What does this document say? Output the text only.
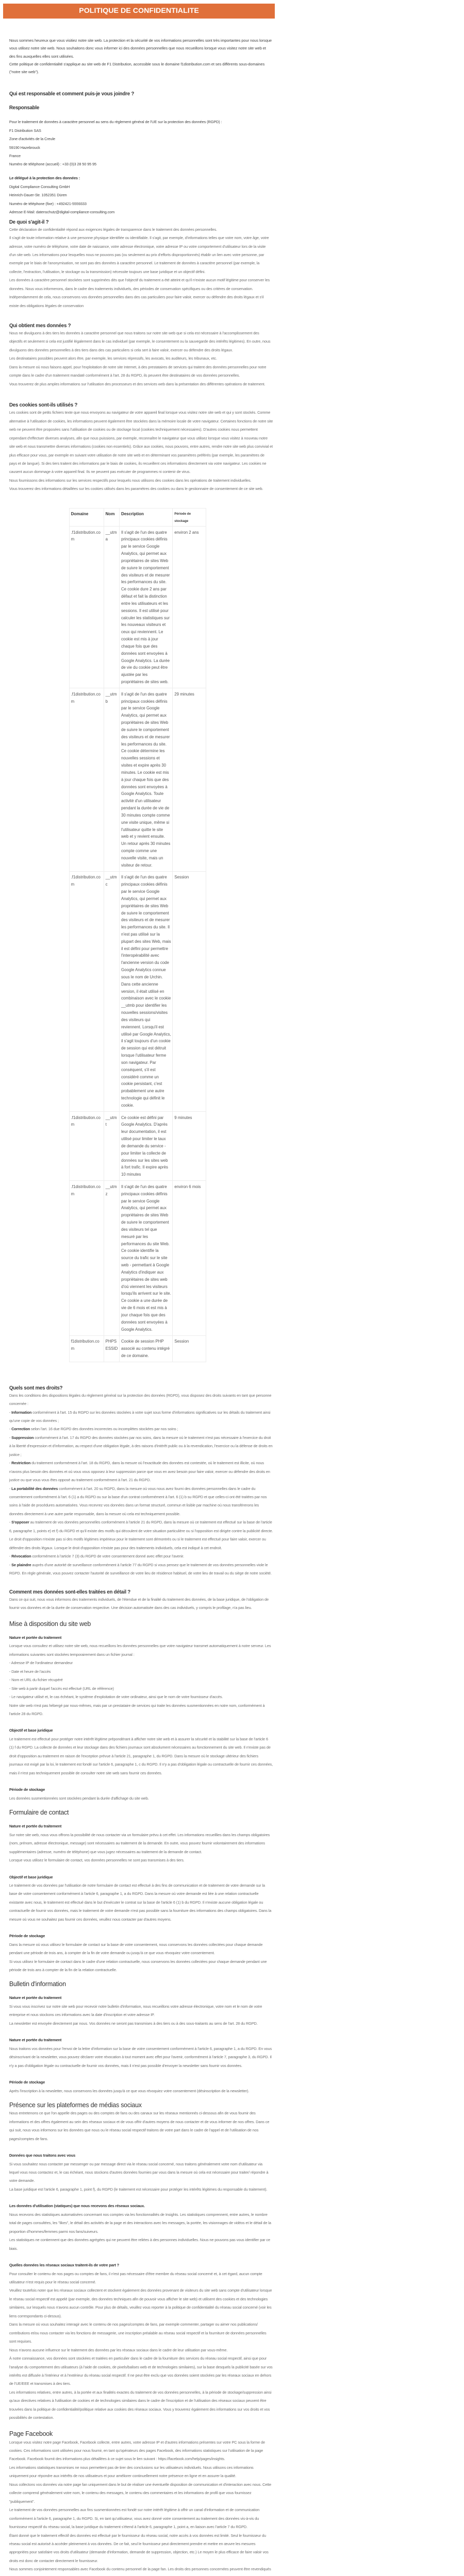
POLITIQUE DE CONFIDENTIALITE

Nous sommes heureux que vous visitiez notre site web. La protection et la sécurité de vos informations personnelles sont très importantes pour nous lorsque vous utilisez notre site web. Nous souhaitons donc vous informer ici des données personnelles que nous recueillons lorsque vous visitez notre site web et des fins auxquelles elles sont utilisées.

Cette politique de confidentialité s'applique au site web de F1 Distribution, accessible sous le domaine f1distribution.com et ses différents sous-domaines ("notre site web").

Qui est responsable et comment puis-je vous joindre ?
Responsable

Pour le traitement de données à caractère personnel au sens du règlement général de l'UE sur la protection des données (RGPD) :

F1 Distribution SAS

Zone d'activités de la Creule

59190 Hazebrouck

France

Numéro de téléphone (accueil) : +33 (0)3 28 50 95 95

Le délégué à la protection des données :

Digital Compliance Consulting GmbH

Heinrich-Dauer-Str. 1052351 Düren

Numéro de téléphone (fixe) : +492421-5559333

Adresse E-Mail: datenschutz@digital-compliance-consulting.com

De quoi s'agit-il ?

Cette déclaration de confidentialité répond aux exigences légales de transparence dans le traitement des données personnelles.

Il s'agit de toute information relative à une personne physique identifiée ou identifiable. Il s'agit, par exemple, d'informations telles que votre nom, votre âge, votre adresse, votre numéro de téléphone, votre date de naissance, votre adresse électronique, votre adresse IP ou votre comportement d'utilisateur lors de la visite d'un site web. Les informations pour lesquelles nous ne pouvons pas (ou seulement au prix d'efforts disproportionnés) établir un lien avec votre personne, par exemple par le biais de l'anonymisation, ne sont pas des données à caractère personnel. Le traitement de données à caractère personnel (par exemple, la collecte, l'extraction, l'utilisation, le stockage ou la transmission) nécessite toujours une base juridique et un objectif défini.

Les données à caractère personnel stockées sont supprimées dès que l'objectif du traitement a été atteint et qu'il n'existe aucun motif légitime pour conserver les données. Nous vous informerons, dans le cadre des traitements individuels, des périodes de conservation spécifiques ou des critères de conservation. Indépendamment de cela, nous conservons vos données personnelles dans des cas particuliers pour faire valoir, exercer ou défendre des droits légaux et s'il existe des obligations légales de conservation

Qui obtient mes données ?

Nous ne divulguons à des tiers les données à caractère personnel que nous traitons sur notre site web que si cela est nécessaire à l'accomplissement des objectifs et seulement si cela est justifié légalement dans le cas individuel (par exemple, le consentement ou la sauvegarde des intérêts légitimes). En outre, nous divulguons des données personnelles à des tiers dans des cas particuliers si cela sert à faire valoir, exercer ou défendre des droits légaux.

Les destinataires possibles peuvent alors être, par exemple, les services répressifs, les avocats, les auditeurs, les tribunaux, etc.

Dans la mesure où nous faisons appel, pour l'exploitation de notre site Internet, à des prestataires de services qui traitent des données personnelles pour notre compte dans le cadre d'un traitement mandaté conformément à l'art. 28 du RGPD, ils peuvent être destinataires de vos données personnelles.

Vous trouverez de plus amples informations sur l'utilisation des processeurs et des services web dans la présentation des différentes opérations de traitement.

Des cookies sont-ils utilisés ?

Les cookies sont de petits fichiers texte que nous envoyons au navigateur de votre appareil final lorsque vous visitez notre site web et qui y sont stockés. Comme alternative à l'utilisation de cookies, les informations peuvent également être stockées dans la mémoire locale de votre navigateur. Certaines fonctions de notre site web ne peuvent être proposées sans l'utilisation de cookies ou de stockage local (cookies techniquement nécessaires). D'autres cookies nous permettent cependant d'effectuer diverses analyses, afin que nous puissions, par exemple, reconnaître le navigateur que vous utilisez lorsque vous visitez à nouveau notre site web et nous transmettre diverses informations (cookies non essentiels). Grâce aux cookies, nous pouvons, entre autres, rendre notre site web plus convivial et plus efficace pour vous, par exemple en suivant votre utilisation de notre site web et en déterminant vos paramètres préférés (par exemple, les paramètres de pays et de langue). Si des tiers traitent des informations par le biais de cookies, ils recueillent ces informations directement via votre navigateur. Les cookies ne causent aucun dommage à votre appareil final. Ils ne peuvent pas exécuter de programmes ni contenir de virus.

Nous fournissons des informations sur les services respectifs pour lesquels nous utilisons des cookies dans les opérations de traitement individuelles.

Vous trouverez des informations détaillées sur les cookies utilisés dans les paramètres des cookies ou dans le gestionnaire de consentement de ce site web.

Domaine	Nom	Description	Période de stockage
.f1distribution.com	__utma	Il s'agit de l'un des quatre principaux cookies définis par le service Google Analytics, qui permet aux propriétaires de sites Web de suivre le comportement des visiteurs et de mesurer les performances du site. Ce cookie dure 2 ans par défaut et fait la distinction entre les utilisateurs et les sessions. Il est utilisé pour calculer les statistiques sur les nouveaux visiteurs et ceux qui reviennent. Le cookie est mis à jour chaque fois que des données sont envoyées à Google Analytics. La durée de vie du cookie peut être ajustée par les propriétaires de sites web.	environ 2 ans
.f1distribution.com	__utmb	Il s'agit de l'un des quatre principaux cookies définis par le service Google Analytics, qui permet aux propriétaires de sites Web de suivre le comportement des visiteurs et de mesurer les performances du site. Ce cookie détermine les nouvelles sessions et visites et expire après 30 minutes. Le cookie est mis à jour chaque fois que des données sont envoyées à Google Analytics. Toute activité d'un utilisateur pendant la durée de vie de 30 minutes compte comme une visite unique, même si l'utilisateur quitte le site web et y revient ensuite. Un retour après 30 minutes compte comme une nouvelle visite, mais un visiteur de retour.	29 minutes
.f1distribution.com	__utmc	Il s'agit de l'un des quatre principaux cookies définis par le service Google Analytics, qui permet aux propriétaires de sites Web de suivre le comportement des visiteurs et de mesurer les performances du site. Il n'est pas utilisé sur la plupart des sites Web, mais il est défini pour permettre l'interopérabilité avec l'ancienne version du code Google Analytics connue sous le nom de Urchin. Dans cette ancienne version, il était utilisé en combinaison avec le cookie __utmb pour identifier les nouvelles sessions/visites des visiteurs qui reviennent. Lorsqu'il est utilisé par Google Analytics, il s'agit toujours d'un cookie de session qui est détruit lorsque l'utilisateur ferme son navigateur. Par conséquent, s'il est considéré comme un cookie persistant, c'est probablement une autre technologie qui définit le cookie.	Session
.f1distribution.com	__utmt	Ce cookie est défini par Google Analytics. D'après leur documentation, il est utilisé pour limiter le taux de demande du service - pour limiter la collecte de données sur les sites web à fort trafic. Il expire après 10 minutes	9 minutes
.f1distribution.com	__utmz	Il s'agit de l'un des quatre principaux cookies définis par le service Google Analytics, qui permet aux propriétaires de sites Web de suivre le comportement des visiteurs tel que mesuré par les performances du site Web. Ce cookie identifie la source du trafic sur le site web - permettant à Google Analytics d'indiquer aux propriétaires de sites web d'où viennent les visiteurs lorsqu'ils arrivent sur le site. Ce cookie a une durée de vie de 6 mois et est mis à jour chaque fois que des données sont envoyées à Google Analytics.	environ 6 mois
f1distribution.com	PHPSESSID	Cookie de session PHP associé au contenu intégré de ce domaine.	Session

Quels sont mes droits?

Dans les conditions des dispositions légales du règlement général sur la protection des données (RGPD), vous disposez des droits suivants en tant que personne concernée :

- Information conformément à l'art. 15 du RGPD sur les données stockées à votre sujet sous forme d'informations significatives sur les détails du traitement ainsi qu'une copie de vos données ;

- Correction selon l'art. 16 due RGPD des données incorrectes ou incomplètes stockées par nos soins ;

- Suppression conformément à l'art. 17 du RGPD des données stockées par nos soins, dans la mesure où le traitement n'est pas nécessaire à l'exercice du droit à la liberté d'expression et d'information, au respect d'une obligation légale, à des raisons d'intérêt public ou à la revendication, l'exercice ou la défense de droits en justice ;

- Restriction du traitement conformément à l'art. 18 du RGPD, dans la mesure où l'exactitude des données est contestée, où le traitement est illicite, où nous n'avons plus besoin des données et où vous vous opposez à leur suppression parce que vous en avez besoin pour faire valoir, exercer ou défendre des droits en justice ou que vous vous êtes opposé au traitement conformément à l'art. 21 du RGPD.

- La portabilité des données conformément à l'art. 20 su RGPD, dans la mesure où vous nous avez fourni des données personnelles dans le cadre du consentement conformément à l'art. 6 (1) a du RGPD ou sur la base d'un contrat conformément à l'art. 6 (1) b su RGPD et que celles-ci ont été traitées par nos soins à l'aide de procédures automatisées. Vous recevrez vos données dans un format structuré, commun et lisible par machine où nous transférerons les données directement à une autre partie responsable, dans la mesure où cela est techniquement possible.

- S'opposer au traitement de vos données personnelles conformément à l'article 21 du RGPD, dans la mesure où ce traitement est effectué sur la base de l'article 6, paragraphe 1, points e) et f) du RGPD et qu'il existe des motifs qui découlent de votre situation particulière ou si l'opposition est dirigée contre la publicité directe. Le droit d'opposition n'existe pas si des motifs légitimes impérieux pour le traitement sont démontrés ou si le traitement est effectué pour faire valoir, exercer ou défendre des droits légaux. Lorsque le droit d'opposition n'existe pas pour des traitements individuels, cela est indiqué à cet endroit.

- Révocation conformément à l'article 7 (3) du RGPD de votre consentement donné avec effet pour l'avenir.

- Se plaindre auprès d'une autorité de surveillance conformément à l'article 77 du RGPD si vous pensez que le traitement de vos données personnelles viole le RGPD. En règle générale, vous pouvez contacter l'autorité de surveillance de votre lieu de résidence habituel, de votre lieu de travail ou du siège de notre société.

Comment mes données sont-elles traitées en détail ?

Dans ce qui suit, nous vous informons des traitements individuels, de l'étendue et de la finalité du traitement des données, de la base juridique, de l'obligation de fournir vos données et de la durée de conservation respective. Une décision automatisée dans des cas individuels, y compris le profilage, n'a pas lieu.

Mise à disposition du site web

Nature et portée du traitement

Lorsque vous consultez et utilisez notre site web, nous recueillons les données personnelles que votre navigateur transmet automatiquement à notre serveur. Les informations suivantes sont stockées temporairement dans un fichier journal :

- Adresse IP de l'ordinateur demandeur

- Date et heure de l'accès

- Nom et URL du fichier récupéré

- Site web à partir duquel l'accès est effectué (URL de référence)

- Le navigateur utilisé et, le cas échéant, le système d'exploitation de votre ordinateur, ainsi que le nom de votre fournisseur d'accès.

Notre site web n'est pas hébergé par nous-mêmes, mais par un prestataire de services qui traite les données susmentionnées en notre nom, conformément à l'article 28 du RGPD.

Objectif et base juridique

Le traitement est effectué pour protéger notre intérêt légitime prépondérant à afficher notre site web et à assurer la sécurité et la stabilité sur la base de l'article 6 (1) f du RGPD. La collecte de données et leur stockage dans des fichiers journaux sont absolument nécessaires au fonctionnement du site web. Il n'existe pas de droit d'opposition au traitement en raison de l'exception prévue à l'article 21, paragraphe 1, du RGPD. Dans la mesure où le stockage ultérieur des fichiers journaux est exigé par la loi, le traitement est fondé sur l'article 6, paragraphe 1, c du RGPD. Il n'y a pas d'obligation légale ou contractuelle de fournir ces données, mais il n'est pas techniquement possible de consulter notre site web sans fournir ces données.

Période de stockage

Les données susmentionnées sont stockées pendant la durée d'affichage du site web.

Formulaire de contact

Nature et portée du traitement

Sur notre site web, nous vous offrons la possibilité de nous contacter via un formulaire prévu à cet effet. Les informations recueillies dans les champs obligatoires (nom, prénom, adresse électronique, message) sont nécessaires au traitement de la demande. En outre, vous pouvez fournir volontairement des informations supplémentaires (adresse, numéro de téléphone) que vous jugez nécessaires au traitement de la demande de contact.

Lorsque vous utilisez le formulaire de contact, vos données personnelles ne sont pas transmises à des tiers.

Objectif et base juridique

Le traitement de vos données par l'utilisation de notre formulaire de contact est effectué à des fins de communication et de traitement de votre demande sur la base de votre consentement conformément à l'article 6, paragraphe 1, a du RGPD. Dans la mesure où votre demande est liée à une relation contractuelle existante avec nous, le traitement est effectué dans le but d'exécuter le contrat sur la base de l'article 6 (1) b du RGPD. Il n'existe aucune obligation légale ou contractuelle de fournir vos données, mais le traitement de votre demande n'est pas possible sans la fourniture des informations des champs obligatoires. Dans la mesure où vous ne souhaitez pas fournir ces données, veuillez nous contacter par d'autres moyens.

Période de stockage

Dans la mesure où vous utilisez le formulaire de contact sur la base de votre consentement, nous conservons les données collectées pour chaque demande pendant une période de trois ans, à compter de la fin de votre demande ou jusqu'à ce que vous révoquiez votre consentement.

Si vous utilisez le formulaire de contact dans le cadre d'une relation contractuelle, nous conservons les données collectées pour chaque demande pendant une période de trois ans à compter de la fin de la relation contractuelle.

Bulletin d'information

Nature et portée du traitement

Si vous vous inscrivez sur notre site web pour recevoir notre bulletin d'information, nous recueillons votre adresse électronique, votre nom et le nom de votre entreprise et nous stockons ces informations avec la date d'inscription et votre adresse IP.

La newsletter est envoyée directement par nous. Vos données ne seront pas transmises à des tiers ou à des sous-traitants au sens de l'art. 28 du RGPD.

Nature et portée du traitement

Nous traitons vos données pour l'envoi de la lettre d'information sur la base de votre consentement conformément à l'article 6, paragraphe 1, a du RGPD. En vous désinscrivant de la newsletter, vous pouvez déclarer votre révocation à tout moment avec effet pour l'avenir, conformément à l'article 7, paragraphe 3, du RGPD. Il n'y a pas d'obligation légale ou contractuelle de fournir vos données, mais il n'est pas possible d'envoyer la newsletter sans fournir vos données.

Période de stockage

Après l'inscription à la newsletter, nous conservons les données jusqu'à ce que vous révoquiez votre consentement (désinscription de la newsletter).

Présence sur les plateformes de médias sociaux

Nous entretenons ce que l'on appelle des pages ou des comptes de fans ou des canaux sur les réseaux mentionnés ci-dessous afin de vous fournir des informations et des offres également au sein des réseaux sociaux et de vous offrir d'autres moyens de nous contacter et de vous informer de nos offres. Dans ce qui suit, nous vous informons sur les données que nous ou le réseau social respectif traitons de votre part dans le cadre de l'appel et de l'utilisation de nos pages/comptes de fans.

Données que nous traitons avec vous

Si vous souhaitez nous contacter par messenger ou par message direct via le réseau social concerné, nous traitons généralement votre nom d'utilisateur via lequel vous nous contactez et, le cas échéant, nous stockons d'autres données fournies par vous dans la mesure où cela est nécessaire pour traiter/ répondre à votre demande.

La base juridique est l'article 6, paragraphe 1, point f), du RGPD (le traitement est nécessaire pour protéger les intérêts légitimes du responsable du traitement).

Les données d'utilisation (statiques) que nous recevons des réseaux sociaux.

Nous recevons des statistiques automatisées concernant nos comptes via les fonctionnalités de Insights. Les statistiques comprennent, entre autres, le nombre total de pages consultées, les "likes", le détail des activités de la page et des interactions avec les messages, la portée, les visionnages de vidéos et le détail de la proportion d'hommes/femmes parmi nos fans/suiveurs.

Les statistiques ne contiennent que des données agrégées qui ne peuvent être reliées à des personnes individuelles. Nous ne pouvons pas vous identifier par ce biais.

Quelles données les réseaux sociaux traitent-ils de votre part ?

Pour consulter le contenu de nos pages ou comptes de fans, il n'est pas nécessaire d'être membre du réseau social concerné et, à cet égard, aucun compte utilisateur n'est requis pour le réseau social concerné.

Veuillez toutefois noter que les réseaux sociaux collectent et stockent également des données provenant de visiteurs du site web sans compte d'utilisateur lorsque le réseau social respectif est appelé (par exemple, des données techniques afin de pouvoir vous afficher le site web) et utilisent des cookies et des technologies similaires, sur lesquels nous n'avons aucun contrôle. Pour plus de détails, veuillez vous reporter à la politique de confidentialité du réseau social concerné (voir les liens correspondants ci-dessus).

Dans la mesure où vous souhaitez interagir avec le contenu de nos pages/comptes de fans, par exemple commenter, partager ou aimer nos publications/ contributions et/ou nous contacter via les fonctions de messagerie, une inscription préalable au réseau social respectif et la fourniture de données personnelles sont requises.

Nous n'avons aucune influence sur le traitement des données par les réseaux sociaux dans le cadre de leur utilisation par vous-même.

À notre connaissance, vos données sont stockées et traitées en particulier dans le cadre de la fourniture des services du réseau social respectif, ainsi que pour l'analyse du comportement des utilisateurs (à l'aide de cookies, de pixels/balises web et de technologies similaires), sur la base desquels la publicité basée sur vos intérêts est diffusée à l'intérieur et à l'extérieur du réseau social respectif. Il ne peut être exclu que vos données soient stockées par les réseaux sociaux en dehors de l'UE/EEE et transmises à des tiers.

Les informations relatives, entre autres, à la portée et aux finalités exactes du traitement de vos données personnelles, à la période de stockage/suppression ainsi qu'aux directives relatives à l'utilisation de cookies et de technologies similaires dans le cadre de l'inscription et de l'utilisation des réseaux sociaux peuvent être trouvées dans la politique de confidentialité/politique relative aux cookies des réseaux sociaux. Vous y trouverez également des informations sur vos droits et vos possibilités de contestation.

Page Facebook

Lorsque vous visitez notre page Facebook, Facebook collecte, entre autres, votre adresse IP et d'autres informations présentes sur votre PC sous la forme de cookies. Ces informations sont utilisées pour nous fournir, en tant qu'opérateurs des pages Facebook, des informations statistiques sur l'utilisation de la page Facebook. Facebook fournit des informations plus détaillées à ce sujet sous le lien suivant : https://facebook.com/help/pages/insights.

Les informations statistiques transmises ne nous permettent pas de tirer des conclusions sur les utilisateurs individuels. Nous utilisons ces informations uniquement pour répondre aux intérêts de nos utilisateurs et pour améliorer continuellement notre présence en ligne et en assurer la qualité.

Nous collectons vos données via notre page fan uniquement dans le but de réaliser une éventuelle disposition de communication et d'interaction avec nous. Cette collecte comprend généralement votre nom, le contenu des messages, le contenu des commentaires et les informations de profil que vous fournissez "publiquement".

Le traitement de vos données personnelles aux fins susmentionnées est fondé sur notre intérêt légitime à offrir un canal d'information et de communication conformément à l'article 6, paragraphe 1, du RGPD. Si, en tant qu'utilisateur, vous avez donné votre consentement au traitement des données vis-à-vis du fournisseur respectif du réseau social, la base juridique du traitement s'étend à l'article 6, paragraphe 1, point a, en liaison avec l'article 7 du RGPD.

Étant donné que le traitement effectif des données est effectué par le fournisseur du réseau social, notre accès à vos données est limité. Seul le fournisseur du réseau social est autorisé à accéder pleinement à vos données. De ce fait, seul le fournisseur peut directement prendre et mettre en œuvre les mesures appropriées pour satisfaire vos droits d'utilisateur (demande d'information, demande de suppression, objection, etc.) Le moyen le plus efficace de faire valoir vos droits est donc de contacter directement le fournisseur.

Nous sommes conjointement responsables avec Facebook du contenu personnel de la page fan. Les droits des personnes concernées peuvent être revendiqués
